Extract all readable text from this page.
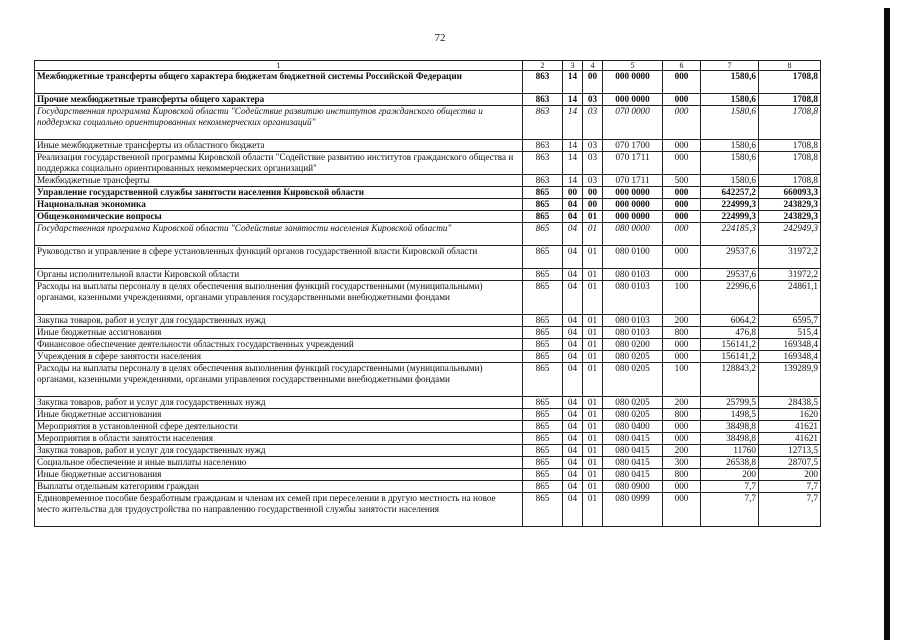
72
1	2	3	4	5	6	7	8
Межбюджетные трансферты общего характера бюджетам бюджетной системы Российской Федерации	863	14	00	000 0000	000	1580,6	1708,8
Прочие межбюджетные трансферты общего характера	863	14	03	000 0000	000	1580,6	1708,8
Государственная программа Кировской области "Содействие развитию институтов гражданского общества и поддержка социально ориентированных некоммерческих организаций"	863	14	03	070 0000	000	1580,6	1708,8
Иные межбюджетные трансферты из областного бюджета	863	14	03	070 1700	000	1580,6	1708,8
Реализация государственной программы Кировской области "Содействие развитию институтов гражданского общества и поддержка социально ориентированных некоммерческих организаций"	863	14	03	070 1711	000	1580,6	1708,8
Межбюджетные трансферты	863	14	03	070 1711	500	1580,6	1708,8
Управление государственной службы занятости населения Кировской области	865	00	00	000 0000	000	642257,2	660093,3
Национальная экономика	865	04	00	000 0000	000	224999,3	243829,3
Общеэкономические вопросы	865	04	01	000 0000	000	224999,3	243829,3
Государственная программа Кировской области "Содействие занятости населения Кировской области"	865	04	01	080 0000	000	224185,3	242949,3
Руководство и управление в сфере установленных функций органов государственной власти Кировской области	865	04	01	080 0100	000	29537,6	31972,2
Органы исполнительной власти Кировской области	865	04	01	080 0103	000	29537,6	31972,2
Расходы на выплаты персоналу в целях обеспечения выполнения функций государственными (муниципальными) органами, казенными учреждениями, органами управления государственными внебюджетными фондами	865	04	01	080 0103	100	22996,6	24861,1
Закупка товаров, работ и услуг для государственных нужд	865	04	01	080 0103	200	6064,2	6595,7
Иные бюджетные ассигнования	865	04	01	080 0103	800	476,8	515,4
Финансовое обеспечение деятельности областных государственных учреждений	865	04	01	080 0200	000	156141,2	169348,4
Учреждения в сфере занятости населения	865	04	01	080 0205	000	156141,2	169348,4
Расходы на выплаты персоналу в целях обеспечения выполнения функций государственными (муниципальными) органами, казенными учреждениями, органами управления государственными внебюджетными фондами	865	04	01	080 0205	100	128843,2	139289,9
Закупка товаров, работ и услуг для государственных нужд	865	04	01	080 0205	200	25799,5	28438,5
Иные бюджетные ассигнования	865	04	01	080 0205	800	1498,5	1620
Мероприятия в установленной сфере деятельности	865	04	01	080 0400	000	38498,8	41621
Мероприятия в области занятости населения	865	04	01	080 0415	000	38498,8	41621
Закупка товаров, работ и услуг для государственных нужд	865	04	01	080 0415	200	11760	12713,5
Социальное обеспечение и иные выплаты населению	865	04	01	080 0415	300	26538,8	28707,5
Иные бюджетные ассигнования	865	04	01	080 0415	800	200	200
Выплаты отдельным категориям граждан	865	04	01	080 0900	000	7,7	7,7
Единовременное пособие безработным гражданам и членам их семей при переселении в другую местность на новое место жительства для трудоустройства по направлению государственной службы занятости населения	865	04	01	080 0999	000	7,7	7,7
